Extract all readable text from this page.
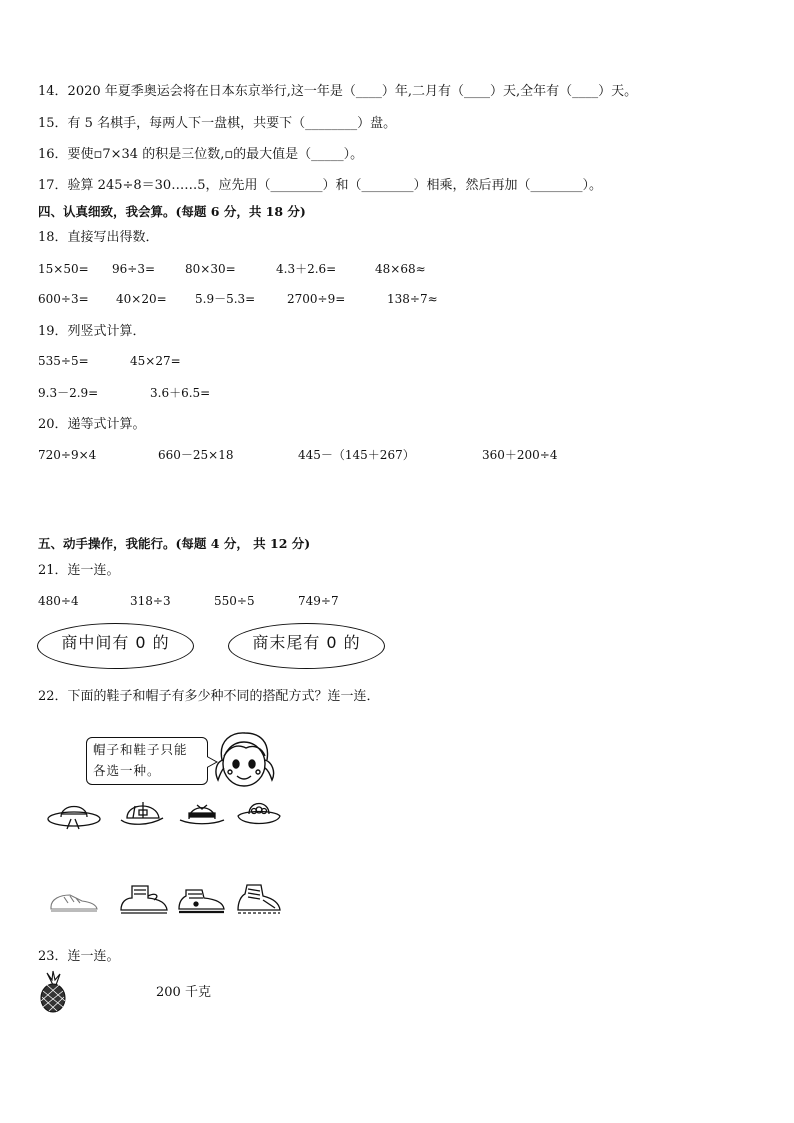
14．2020 年夏季奥运会将在日本东京举行,这一年是（____）年,二月有（____）天,全年有（____）天。
15．有 5 名棋手，每两人下一盘棋，共要下（________）盘。
16．要使▫7×34 的积是三位数,▫的最大值是（_____）。
17．验算 245÷8＝30……5，应先用（________）和（________）相乘，然后再加（________）。
四、认真细致，我会算。(每题 6 分，共 18 分)
18．直接写出得数．
15×50= 96÷3= 80×30=	4.3＋2.6=	48×68≈
600÷3= 40×20= 5.9－5.3=	2700÷9=	138÷7≈
19．列竖式计算．
535÷5=	45×27=
9.3－2.9=	3.6＋6.5=
20．递等式计算。
720÷9×4	660－25×18	445－（145＋267）	360＋200÷4
五、动手操作，我能行。(每题 4 分， 共 12 分)
21．连一连。
480÷4	318÷3	550÷5	749÷7
商中间有 0 的	商末尾有 0 的
22．下面的鞋子和帽子有多少种不同的搭配方式？连一连．
帽子和鞋子只能
各选一种。
23．连一连。
200 千克
